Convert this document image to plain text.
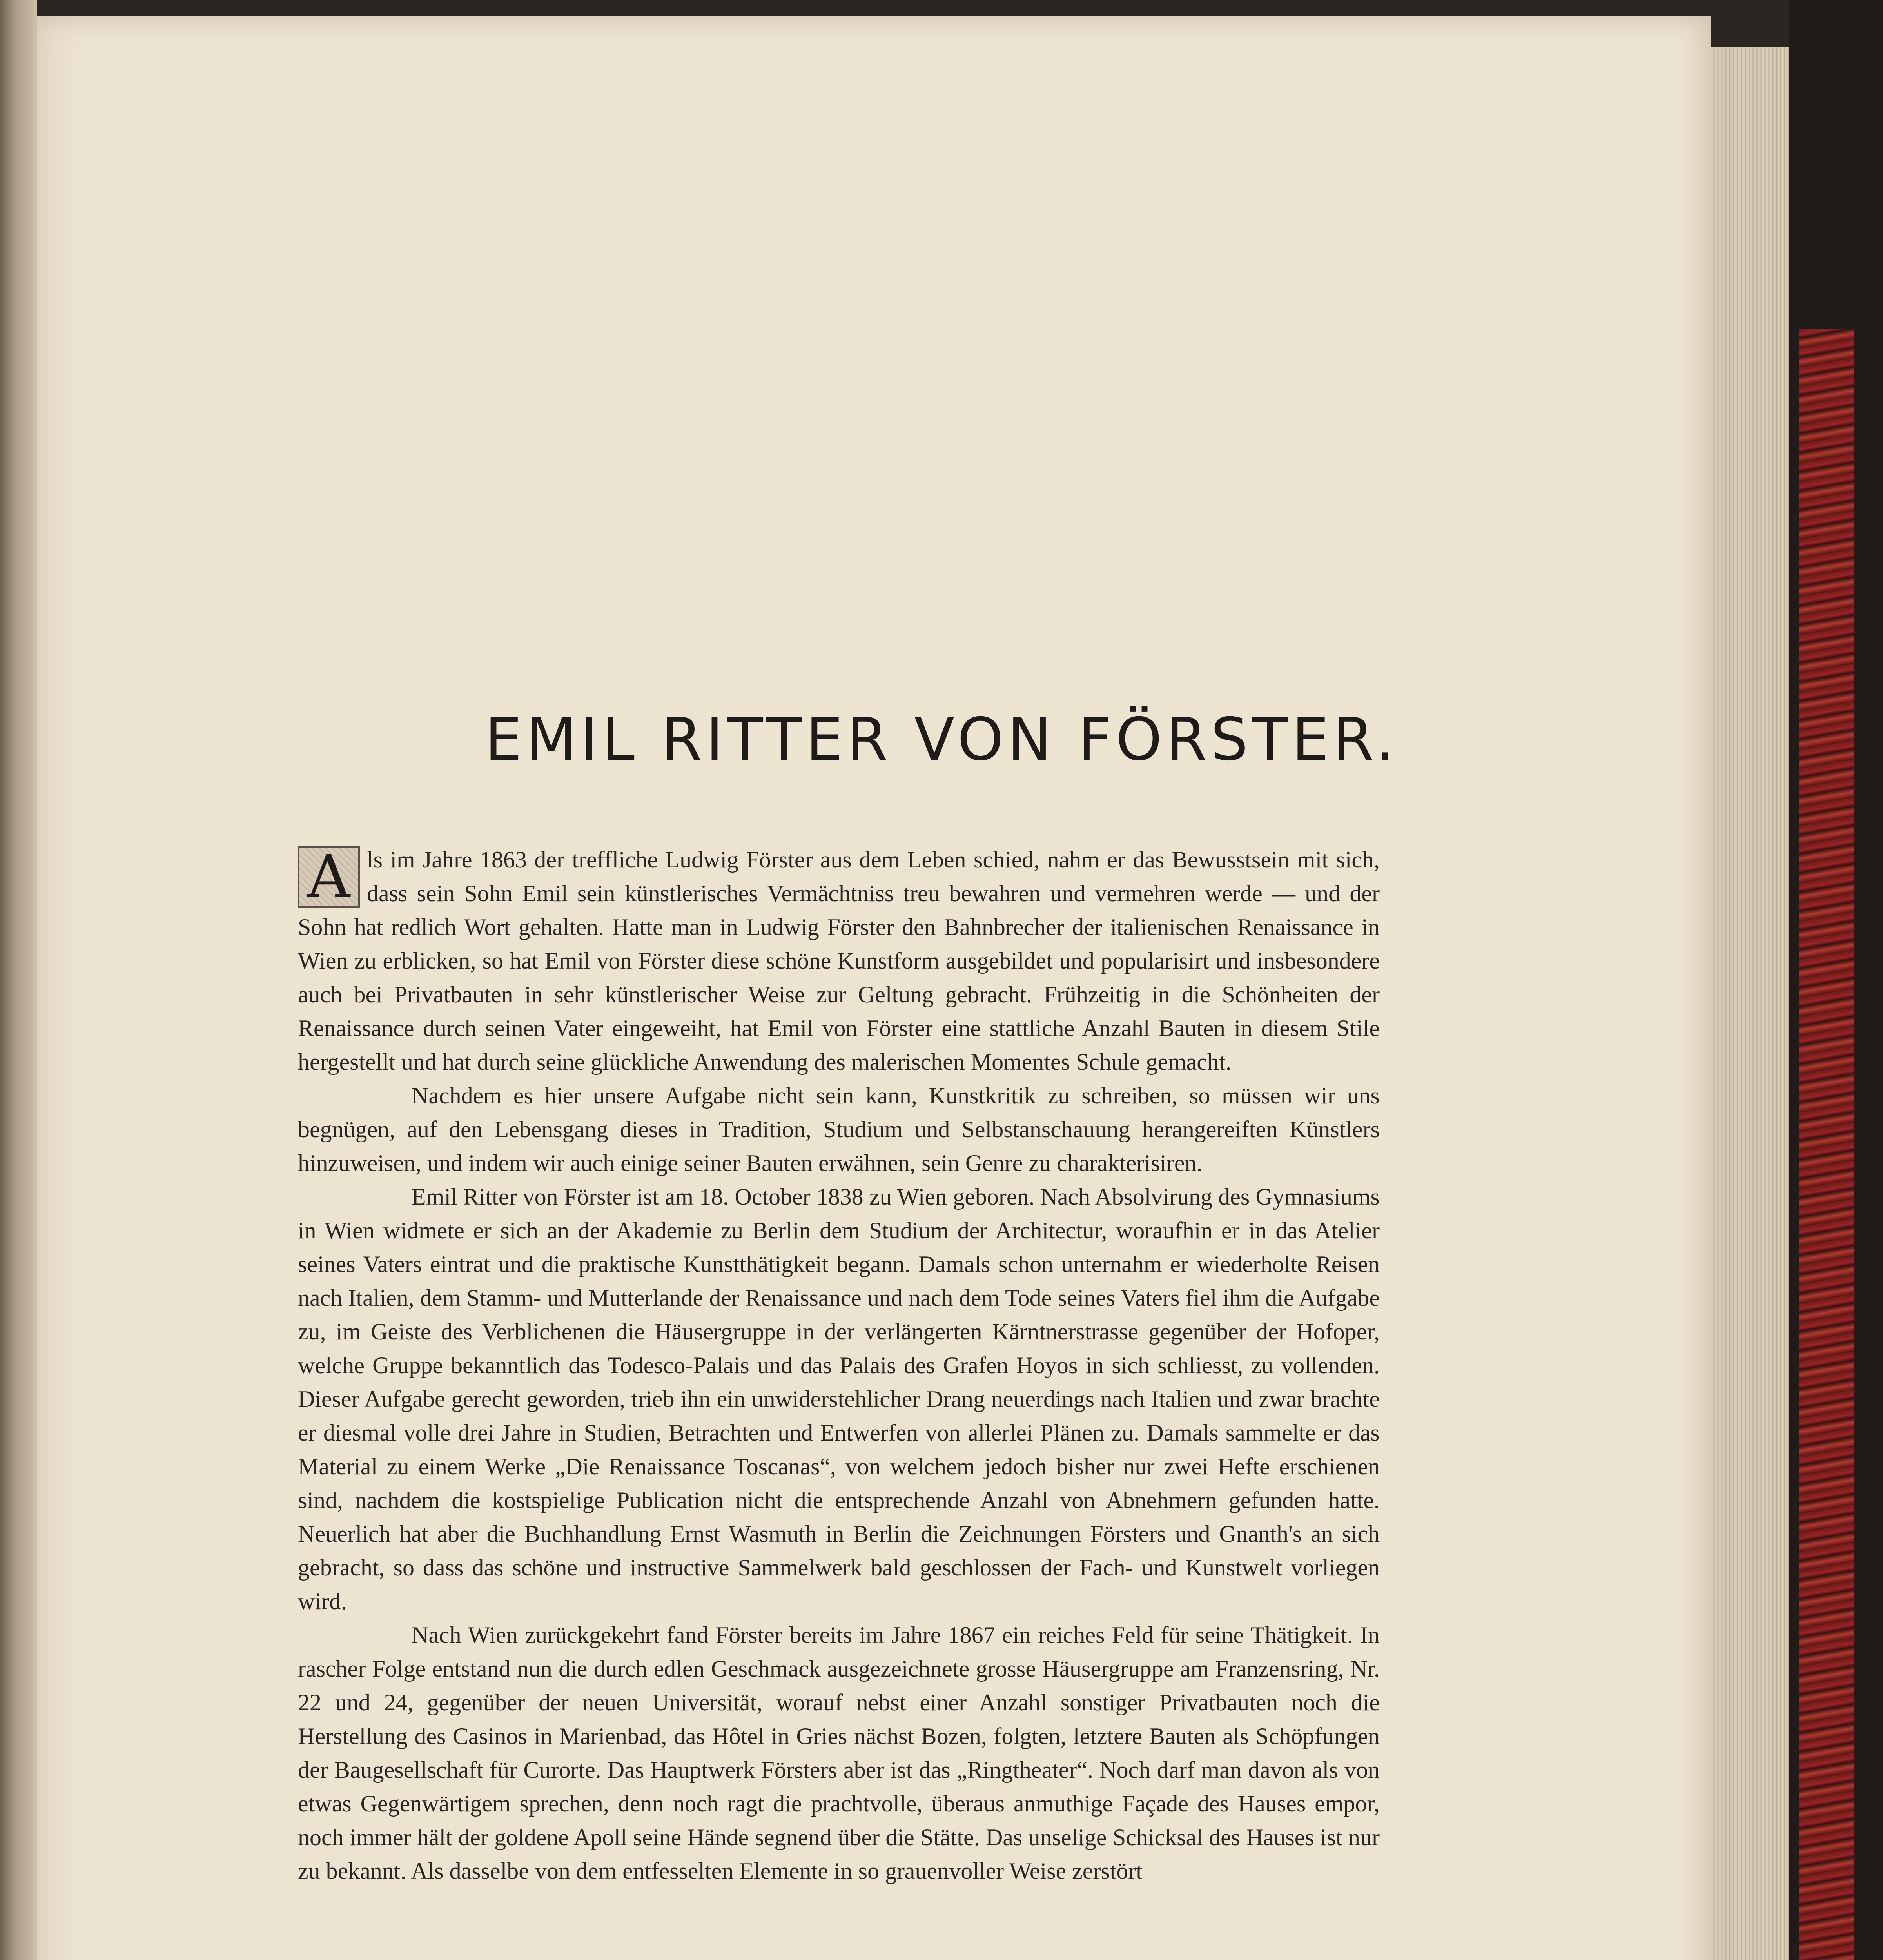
EMIL RITTER VON FÖRSTER.

A ls im Jahre 1863 der treffliche Ludwig Förster aus dem Leben schied, nahm er das Bewusstsein mit sich, dass sein Sohn Emil sein künstlerisches Vermächtniss treu bewahren und vermehren werde — und der Sohn hat redlich Wort gehalten. Hatte man in Ludwig Förster den Bahnbrecher der italienischen Renaissance in Wien zu erblicken, so hat Emil von Förster diese schöne Kunstform ausgebildet und popularisirt und insbesondere auch bei Privatbauten in sehr künstlerischer Weise zur Geltung gebracht. Frühzeitig in die Schönheiten der Renaissance durch seinen Vater eingeweiht, hat Emil von Förster eine stattliche Anzahl Bauten in diesem Stile hergestellt und hat durch seine glückliche Anwendung des malerischen Momentes Schule gemacht.

Nachdem es hier unsere Aufgabe nicht sein kann, Kunstkritik zu schreiben, so müssen wir uns begnügen, auf den Lebensgang dieses in Tradition, Studium und Selbstanschauung herangereiften Künstlers hinzuweisen, und indem wir auch einige seiner Bauten erwähnen, sein Genre zu charakterisiren.

Emil Ritter von Förster ist am 18. October 1838 zu Wien geboren. Nach Absolvirung des Gymnasiums in Wien widmete er sich an der Akademie zu Berlin dem Studium der Architectur, woraufhin er in das Atelier seines Vaters eintrat und die praktische Kunstthätigkeit begann. Damals schon unternahm er wiederholte Reisen nach Italien, dem Stamm- und Mutterlande der Renaissance und nach dem Tode seines Vaters fiel ihm die Aufgabe zu, im Geiste des Verblichenen die Häusergruppe in der verlängerten Kärntnerstrasse gegenüber der Hofoper, welche Gruppe bekanntlich das Todesco-Palais und das Palais des Grafen Hoyos in sich schliesst, zu vollenden. Dieser Aufgabe gerecht geworden, trieb ihn ein unwiderstehlicher Drang neuerdings nach Italien und zwar brachte er diesmal volle drei Jahre in Studien, Betrachten und Entwerfen von allerlei Plänen zu. Damals sammelte er das Material zu einem Werke „Die Renaissance Toscanas“, von welchem jedoch bisher nur zwei Hefte erschienen sind, nachdem die kostspielige Publication nicht die entsprechende Anzahl von Abnehmern gefunden hatte. Neuerlich hat aber die Buchhandlung Ernst Wasmuth in Berlin die Zeichnungen Försters und Gnanth's an sich gebracht, so dass das schöne und instructive Sammelwerk bald geschlossen der Fach- und Kunstwelt vorliegen wird.

Nach Wien zurückgekehrt fand Förster bereits im Jahre 1867 ein reiches Feld für seine Thätigkeit. In rascher Folge entstand nun die durch edlen Geschmack ausgezeichnete grosse Häusergruppe am Franzensring, Nr. 22 und 24, gegenüber der neuen Universität, worauf nebst einer Anzahl sonstiger Privatbauten noch die Herstellung des Casinos in Marienbad, das Hôtel in Gries nächst Bozen, folgten, letztere Bauten als Schöpfungen der Baugesellschaft für Curorte. Das Hauptwerk Försters aber ist das „Ringtheater“. Noch darf man davon als von etwas Gegenwärtigem sprechen, denn noch ragt die prachtvolle, überaus anmuthige Façade des Hauses empor, noch immer hält der goldene Apoll seine Hände segnend über die Stätte. Das unselige Schicksal des Hauses ist nur zu bekannt. Als dasselbe von dem entfesselten Elemente in so grauenvoller Weise zerstört
